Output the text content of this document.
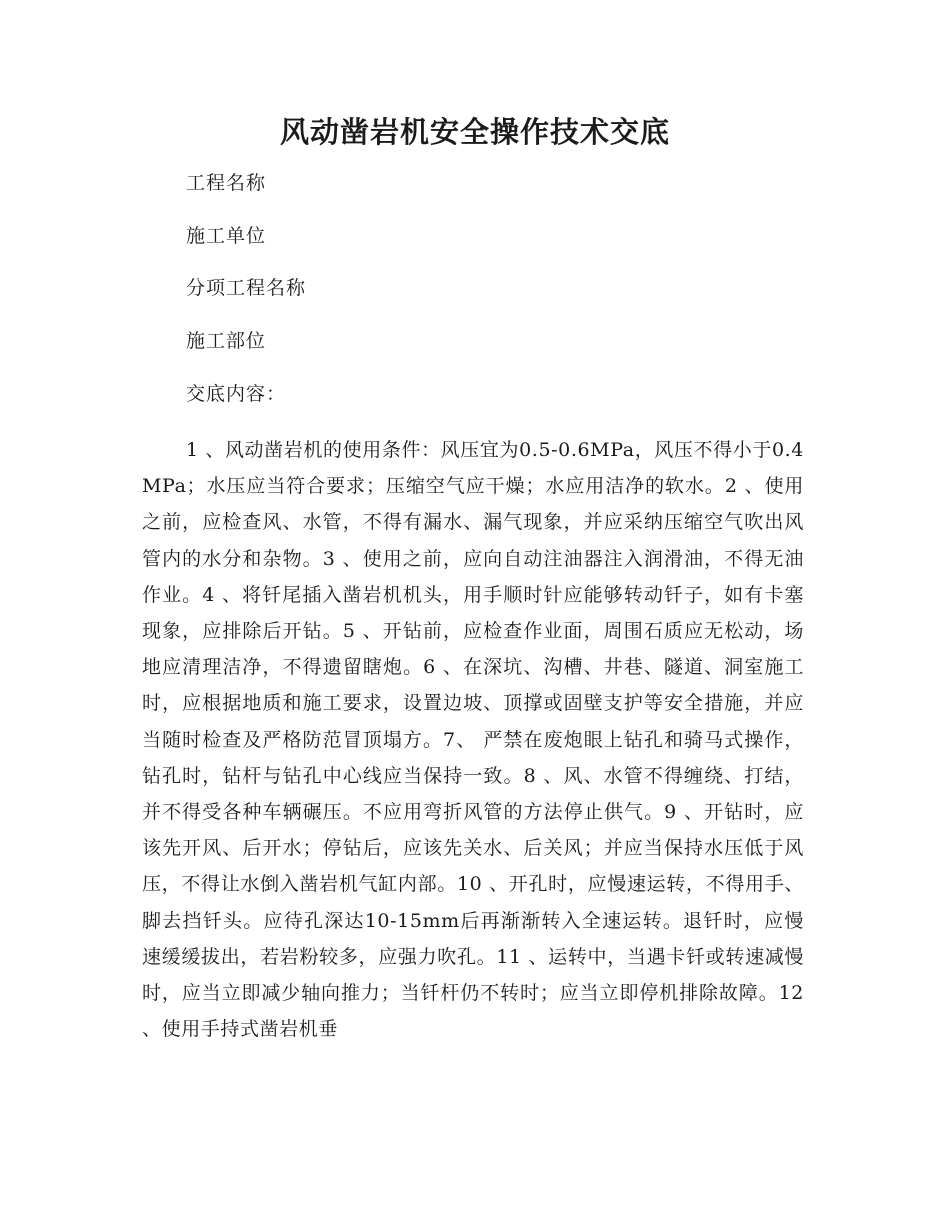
风动凿岩机安全操作技术交底
工程名称
施工单位
分项工程名称
施工部位
交底内容：

1 、风动凿岩机的使用条件：风压宜为0.5-0.6MPa，风压不得小于0.4MPa；水压应当符合要求；压缩空气应干燥；水应用洁净的软水。2 、使用之前，应检查风、水管，不得有漏水、漏气现象，并应采纳压缩空气吹出风管内的水分和杂物。3 、使用之前，应向自动注油器注入润滑油，不得无油作业。4 、将钎尾插入凿岩机机头，用手顺时针应能够转动钎子，如有卡塞现象，应排除后开钻。5 、开钻前，应检查作业面，周围石质应无松动，场地应清理洁净，不得遗留瞎炮。6 、在深坑、沟槽、井巷、隧道、洞室施工时，应根据地质和施工要求，设置边坡、顶撑或固壁支护等安全措施，并应当随时检查及严格防范冒顶塌方。7、 严禁在废炮眼上钻孔和骑马式操作，钻孔时，钻杆与钻孔中心线应当保持一致。8 、风、水管不得缠绕、打结，并不得受各种车辆碾压。不应用弯折风管的方法停止供气。9 、开钻时，应该先开风、后开水；停钻后，应该先关水、后关风；并应当保持水压低于风压，不得让水倒入凿岩机气缸内部。10 、开孔时，应慢速运转，不得用手、脚去挡钎头。应待孔深达10-15mm后再渐渐转入全速运转。退钎时，应慢速缓缓拔出，若岩粉较多，应强力吹孔。11 、运转中，当遇卡钎或转速减慢时，应当立即减少轴向推力；当钎杆仍不转时；应当立即停机排除故障。12 、使用手持式凿岩机垂
